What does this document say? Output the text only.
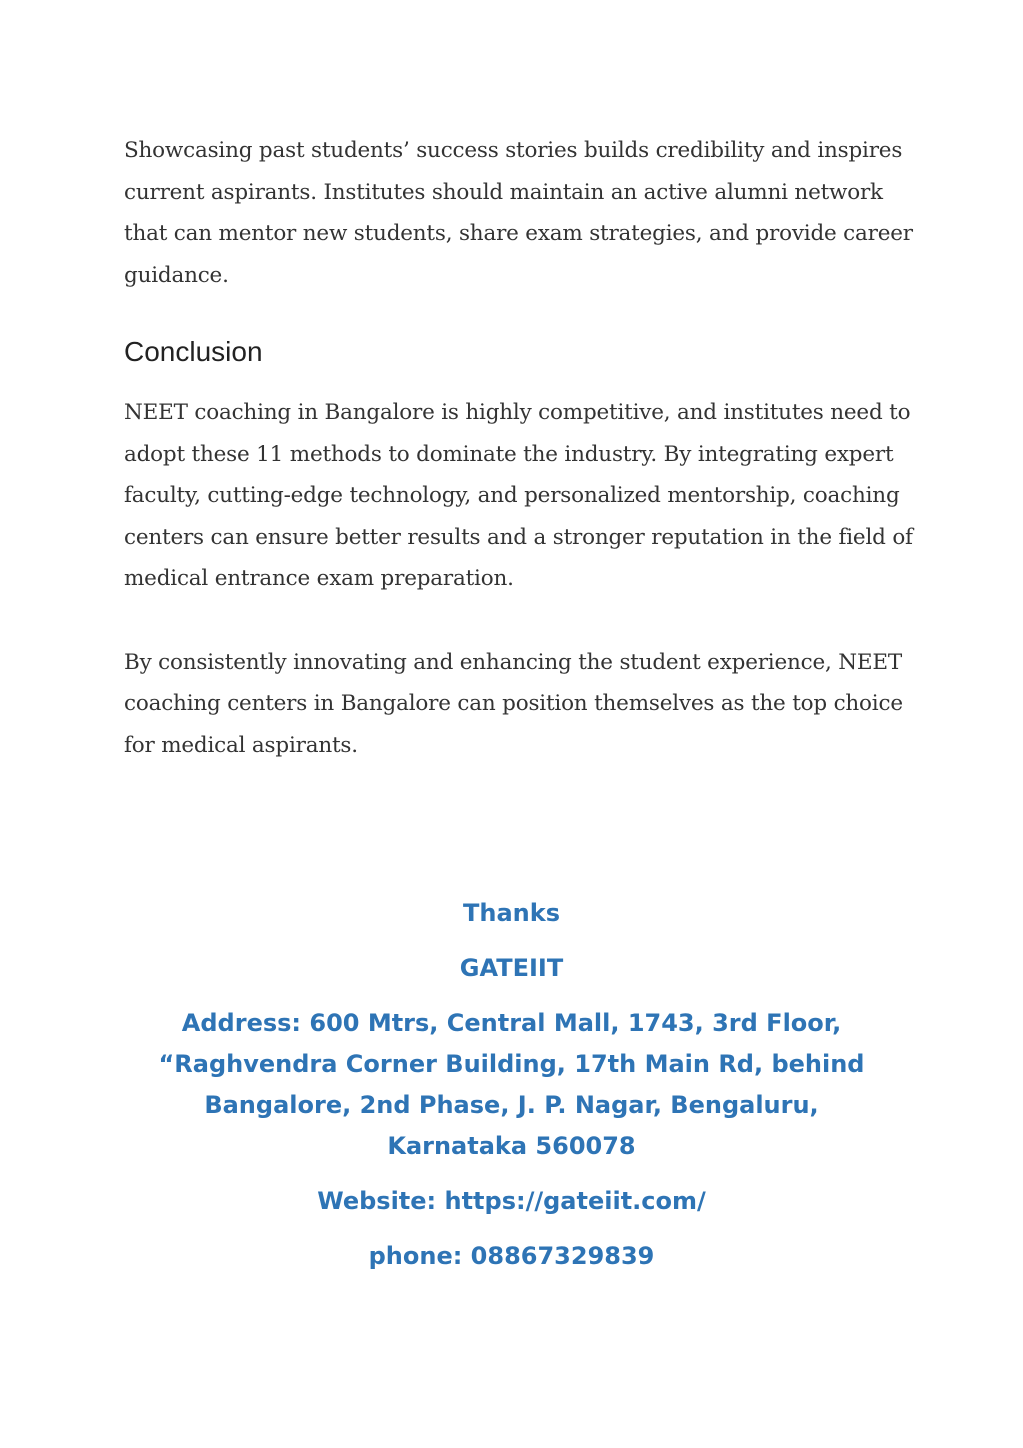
Showcasing past students’ success stories builds credibility and inspires current aspirants. Institutes should maintain an active alumni network that can mentor new students, share exam strategies, and provide career guidance.

Conclusion

NEET coaching in Bangalore is highly competitive, and institutes need to adopt these 11 methods to dominate the industry. By integrating expert faculty, cutting-edge technology, and personalized mentorship, coaching centers can ensure better results and a stronger reputation in the field of medical entrance exam preparation.

By consistently innovating and enhancing the student experience, NEET coaching centers in Bangalore can position themselves as the top choice for medical aspirants.

Thanks

GATEIIT

Address: 600 Mtrs, Central Mall, 1743, 3rd Floor, “Raghvendra Corner Building, 17th Main Rd, behind Bangalore, 2nd Phase, J. P. Nagar, Bengaluru, Karnataka 560078

Website: https://gateiit.com/

phone: 08867329839
